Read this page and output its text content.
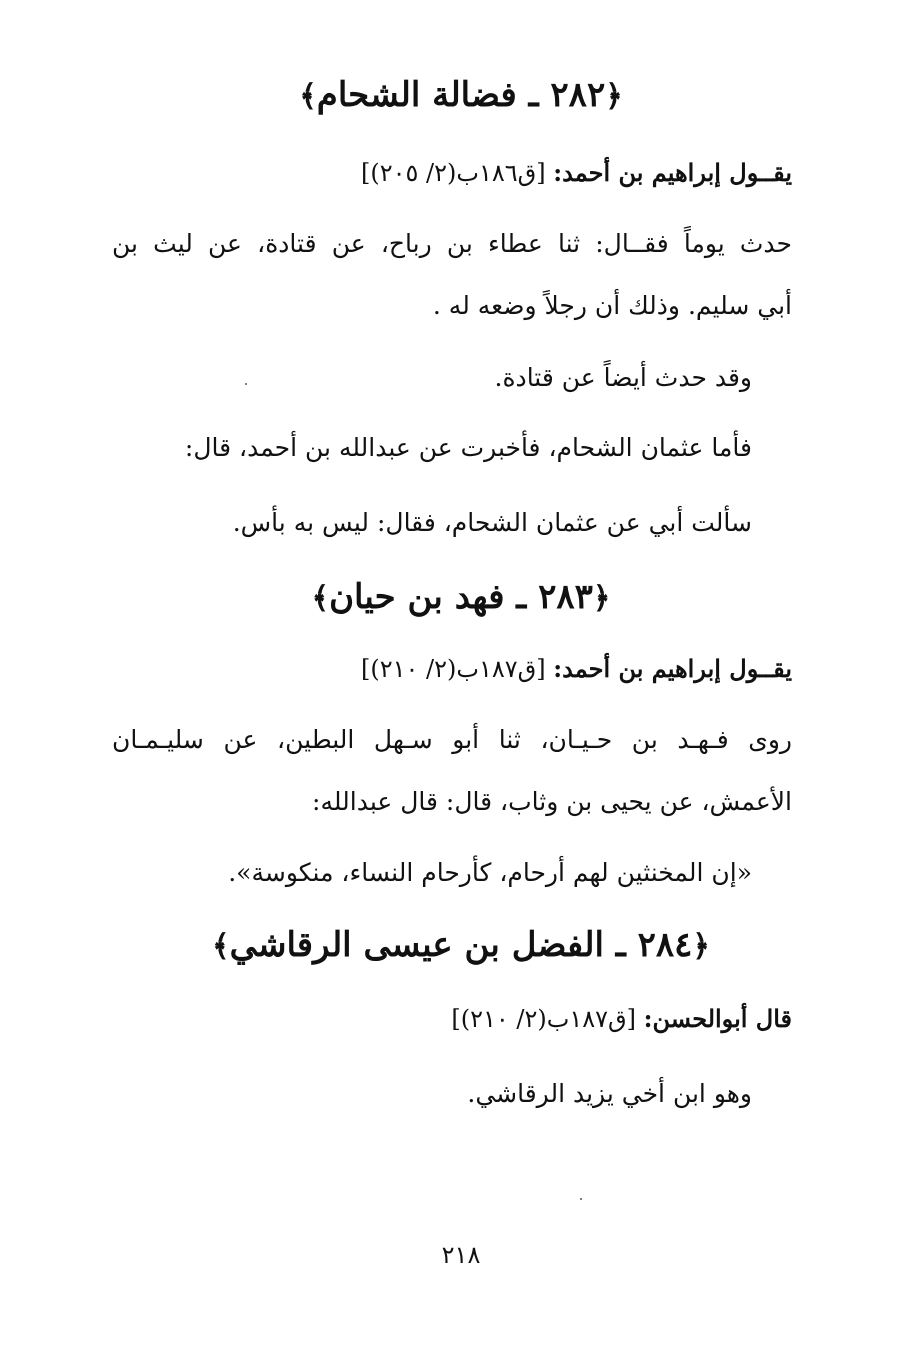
﴿٢٨٢ ـ فضالة الشحام﴾
يقــول إبراهيم بن أحمد: [ق١٨٦ب(٢/ ٢٠٥)]
حدث يوماً فقــال: ثنا عطاء بن رباح، عن قتادة، عن ليث بن
أبي سليم. وذلك أن رجلاً وضعه له .
وقد حدث أيضاً عن قتادة.
فأما عثمان الشحام، فأخبرت عن عبدالله بن أحمد، قال:
سألت أبي عن عثمان الشحام، فقال: ليس به بأس.
﴿٢٨٣ ـ فهد بن حيان﴾
يقــول إبراهيم بن أحمد: [ق١٨٧ب(٢/ ٢١٠)]
روى فـهـد بن حـيـان، ثنا أبو سـهل البطين، عن سليـمـان
الأعمش، عن يحيى بن وثاب، قال: قال عبدالله:
«إن المخنثين لهم أرحام، كأرحام النساء، منكوسة».
﴿٢٨٤ ـ الفضل بن عيسى الرقاشي﴾
قال أبوالحسن: [ق١٨٧ب(٢/ ٢١٠)]
وهو ابن أخي يزيد الرقاشي.
٢١٨
